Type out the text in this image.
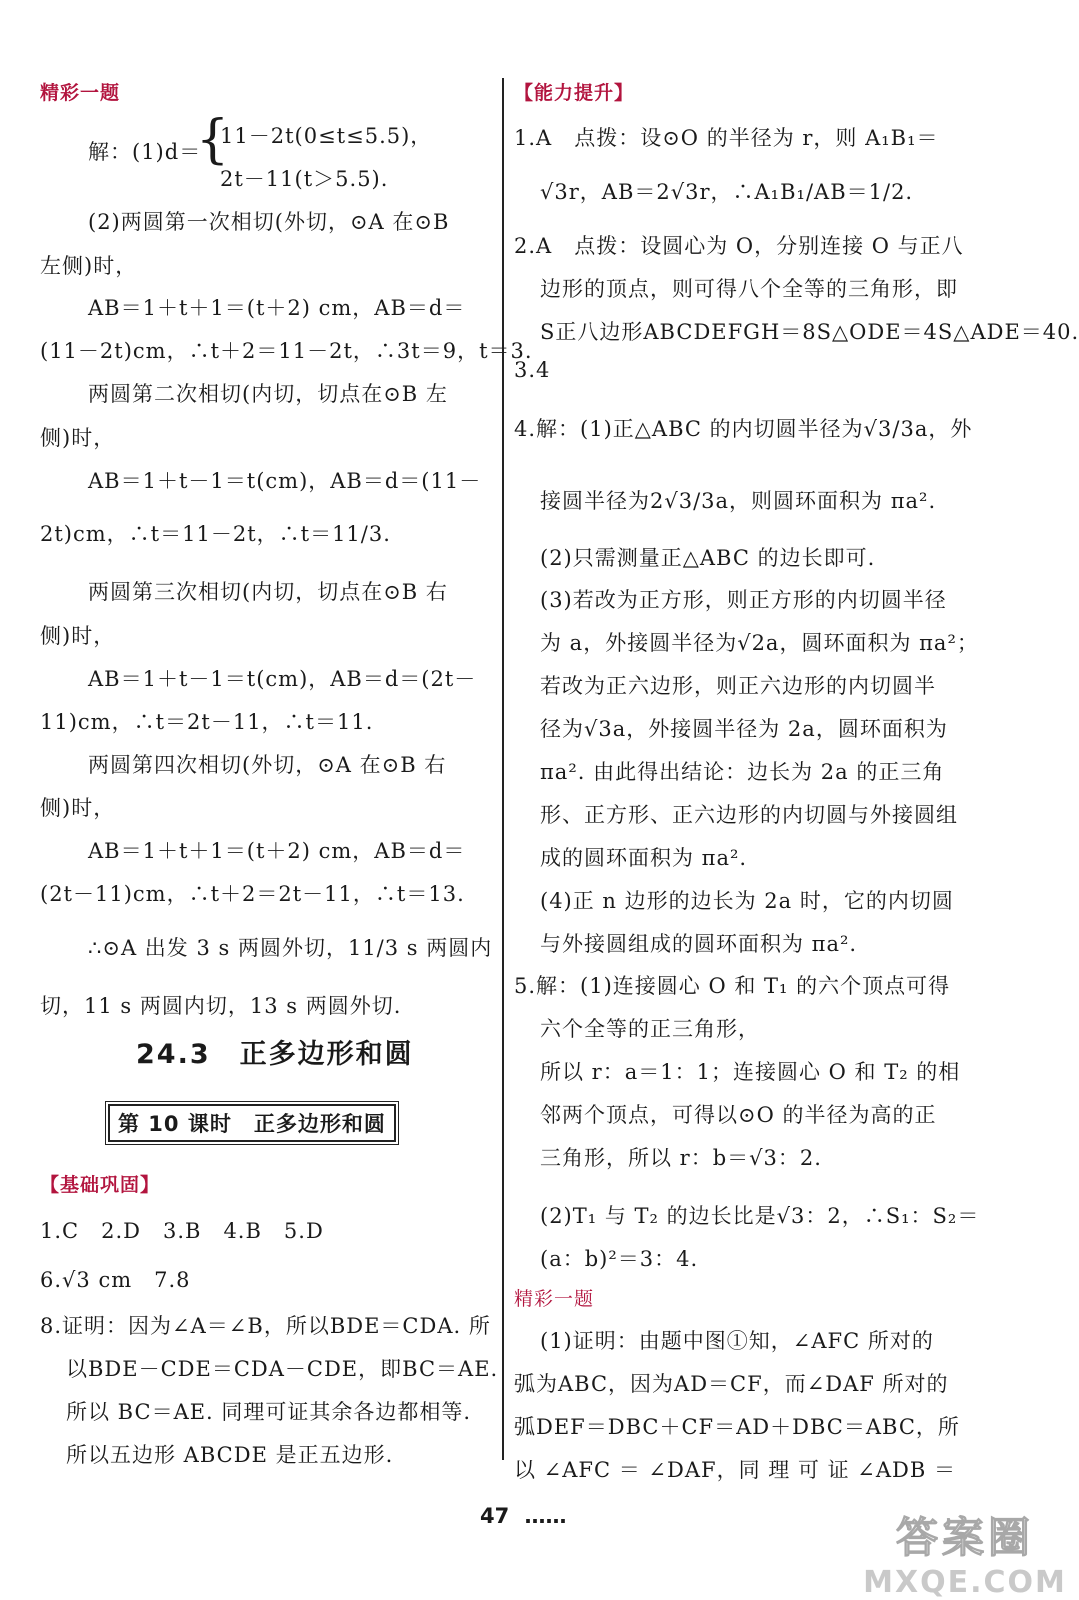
精彩一题
解：(1)d＝
{
11－2t(0≤t≤5.5)，
2t－11(t＞5.5).
(2)两圆第一次相切(外切，⊙A 在⊙B
左侧)时，
AB＝1＋t＋1＝(t＋2) cm，AB＝d＝
(11－2t)cm，∴t＋2＝11－2t，∴3t＝9，t＝3.
两圆第二次相切(内切，切点在⊙B 左
侧)时，
AB＝1＋t－1＝t(cm)，AB＝d＝(11－
2t)cm，∴t＝11－2t，∴t＝11/3.
两圆第三次相切(内切，切点在⊙B 右
侧)时，
AB＝1＋t－1＝t(cm)，AB＝d＝(2t－
11)cm，∴t＝2t－11，∴t＝11.
两圆第四次相切(外切，⊙A 在⊙B 右
侧)时，
AB＝1＋t＋1＝(t＋2) cm，AB＝d＝
(2t－11)cm，∴t＋2＝2t－11，∴t＝13.
∴⊙A 出发 3 s 两圆外切，11/3 s 两圆内
切，11 s 两圆内切，13 s 两圆外切.
24.3　正多边形和圆
第 10 课时　正多边形和圆
【基础巩固】
1.C　2.D　3.B　4.B　5.D
6.√3 cm　7.8
8.证明：因为∠A＝∠B，所以BDE＝CDA. 所
以BDE－CDE＝CDA－CDE，即BC＝AE.
所以 BC＝AE. 同理可证其余各边都相等.
所以五边形 ABCDE 是正五边形.
【能力提升】
1.A　点拨：设⊙O 的半径为 r，则 A₁B₁＝
√3r，AB＝2√3r，∴A₁B₁/AB＝1/2.
2.A　点拨：设圆心为 O，分别连接 O 与正八
边形的顶点，则可得八个全等的三角形，即
S正八边形ABCDEFGH＝8S△ODE＝4S△ADE＝40.
3.4
4.解：(1)正△ABC 的内切圆半径为√3/3a，外
接圆半径为2√3/3a，则圆环面积为 πa².
(2)只需测量正△ABC 的边长即可.
(3)若改为正方形，则正方形的内切圆半径
为 a，外接圆半径为√2a，圆环面积为 πa²；
若改为正六边形，则正六边形的内切圆半
径为√3a，外接圆半径为 2a，圆环面积为
πa². 由此得出结论：边长为 2a 的正三角
形、正方形、正六边形的内切圆与外接圆组
成的圆环面积为 πa².
(4)正 n 边形的边长为 2a 时，它的内切圆
与外接圆组成的圆环面积为 πa².
5.解：(1)连接圆心 O 和 T₁ 的六个顶点可得
六个全等的正三角形，
所以 r：a＝1：1；连接圆心 O 和 T₂ 的相
邻两个顶点，可得以⊙O 的半径为高的正
三角形，所以 r：b＝√3：2.
(2)T₁ 与 T₂ 的边长比是√3：2，∴S₁：S₂＝
(a：b)²＝3：4.
精彩一题
(1)证明：由题中图①知，∠AFC 所对的
弧为ABC，因为AD＝CF，而∠DAF 所对的
弧DEF＝DBC＋CF＝AD＋DBC＝ABC，所
以 ∠AFC ＝ ∠DAF，同 理 可 证 ∠ADB ＝
47 ……	答案圈
MXQE.COM
